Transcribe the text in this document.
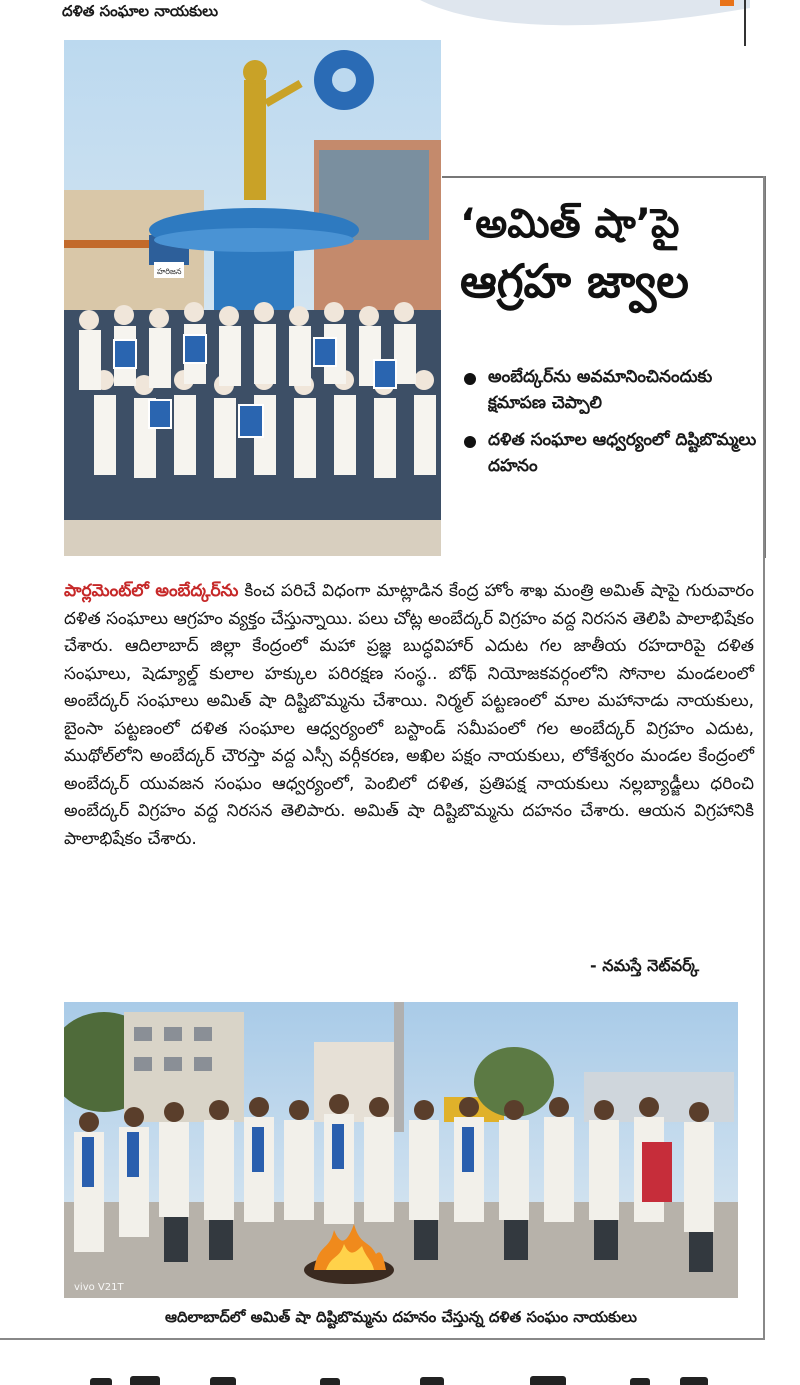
దళిత సంఘాల నాయకులు
హరిజన
‘అమిత్ షా’పై
ఆగ్రహ జ్వాల
అంబేద్కర్‌ను అవమానించినందుకు క్షమాపణ చెప్పాలి
దళిత సంఘాల ఆధ్వర్యంలో దిష్టిబొమ్మలు దహనం
పార్లమెంట్‌లో అంబేద్కర్‌ను కించ పరిచే విధంగా మాట్లాడిన కేంద్ర హోం శాఖ మంత్రి అమిత్ షాపై గురువారం దళిత సంఘాలు ఆగ్రహం వ్యక్తం చేస్తున్నాయి. పలు చోట్ల అంబేద్కర్ విగ్రహం వద్ద నిరసన తెలిపి పాలాభిషేకం చేశారు. ఆదిలాబాద్ జిల్లా కేంద్రంలో మహా ప్రజ్ఞ బుద్ధవిహార్ ఎదుట గల జాతీయ రహదారిపై దళిత సంఘాలు, షెడ్యూల్డ్ కులాల హక్కుల పరిరక్షణ సంస్థ.. బోథ్ నియోజకవర్గంలోని సోనాల మండలంలో అంబేద్కర్ సంఘాలు అమిత్ షా దిష్టిబొమ్మను చేశాయి. నిర్మల్ పట్టణంలో మాల మహానాడు నాయకులు, బైంసా పట్టణంలో దళిత సంఘాల ఆధ్వర్యంలో బస్టాండ్ సమీపంలో గల అంబేద్కర్ విగ్రహం ఎదుట, ముథోల్‌లోని అంబేద్కర్ చౌరస్తా వద్ద ఎస్సీ వర్గీకరణ, అఖిల పక్షం నాయకులు, లోకేశ్వరం మండల కేంద్రంలో అంబేద్కర్ యువజన సంఘం ఆధ్వర్యంలో, పెంబిలో దళిత, ప్రతిపక్ష నాయకులు నల్లబ్యాడ్జీలు ధరించి అంబేద్కర్ విగ్రహం వద్ద నిరసన తెలిపారు. అమిత్ షా దిష్టిబొమ్మను దహనం చేశారు. ఆయన విగ్రహానికి పాలాభిషేకం చేశారు.
- నమస్తే నెట్‌వర్క్
vivo V21T
ఆదిలాబాద్‌లో అమిత్ షా దిష్టిబొమ్మను దహనం చేస్తున్న దళిత సంఘం నాయకులు
